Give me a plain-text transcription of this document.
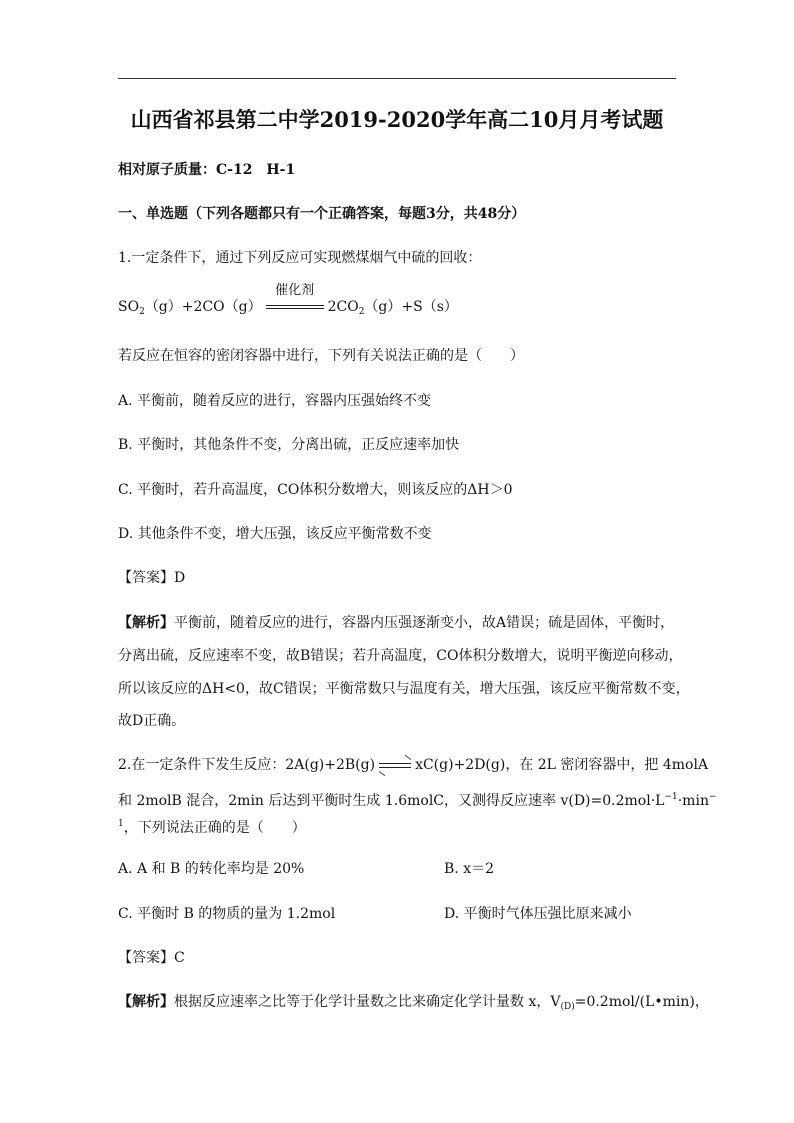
山西省祁县第二中学2019-2020学年高二10月月考试题
相对原子质量：C-12　H-1
一、单选题（下列各题都只有一个正确答案，每题3分，共48分）
1.一定条件下，通过下列反应可实现燃煤烟气中硫的回收：
$SO_2(g)+2CO(g)$
催化剂
$2CO_2(g)+S(s)$
若反应在恒容的密闭容器中进行，下列有关说法正确的是（　　）
A. 平衡前，随着反应的进行，容器内压强始终不变
B. 平衡时，其他条件不变，分离出硫，正反应速率加快
C. 平衡时，若升高温度，CO体积分数增大，则该反应的ΔH＞0
D. 其他条件不变，增大压强，该反应平衡常数不变
【答案】D
【解析】平衡前，随着反应的进行，容器内压强逐渐变小，故A错误；硫是固体，平衡时，
分离出硫，反应速率不变，故B错误；若升高温度，CO体积分数增大，说明平衡逆向移动，
所以该反应的ΔH<0，故C错误；平衡常数只与温度有关，增大压强，该反应平衡常数不变，
故D正确。
2.在一定条件下发生反应：2A(g)+2B(g)	xC(g)+2D(g)，在 2L 密闭容器中，把 4molA
和 2molB 混合，2min 后达到平衡时生成 1.6molC，又测得反应速率 $v(D)=0.2mol\cdot L^{-1}\cdot\min^-$
$^1$，下列说法正确的是（　　）
A. A 和 B 的转化率均是 20%	B. x＝2
C. 平衡时 B 的物质的量为 1.2mol	D. 平衡时气体压强比原来减小
【答案】C
【解析】根据反应速率之比等于化学计量数之比来确定化学计量数 x，$V_{(D)}=0.2mol/(L•\min)$，
